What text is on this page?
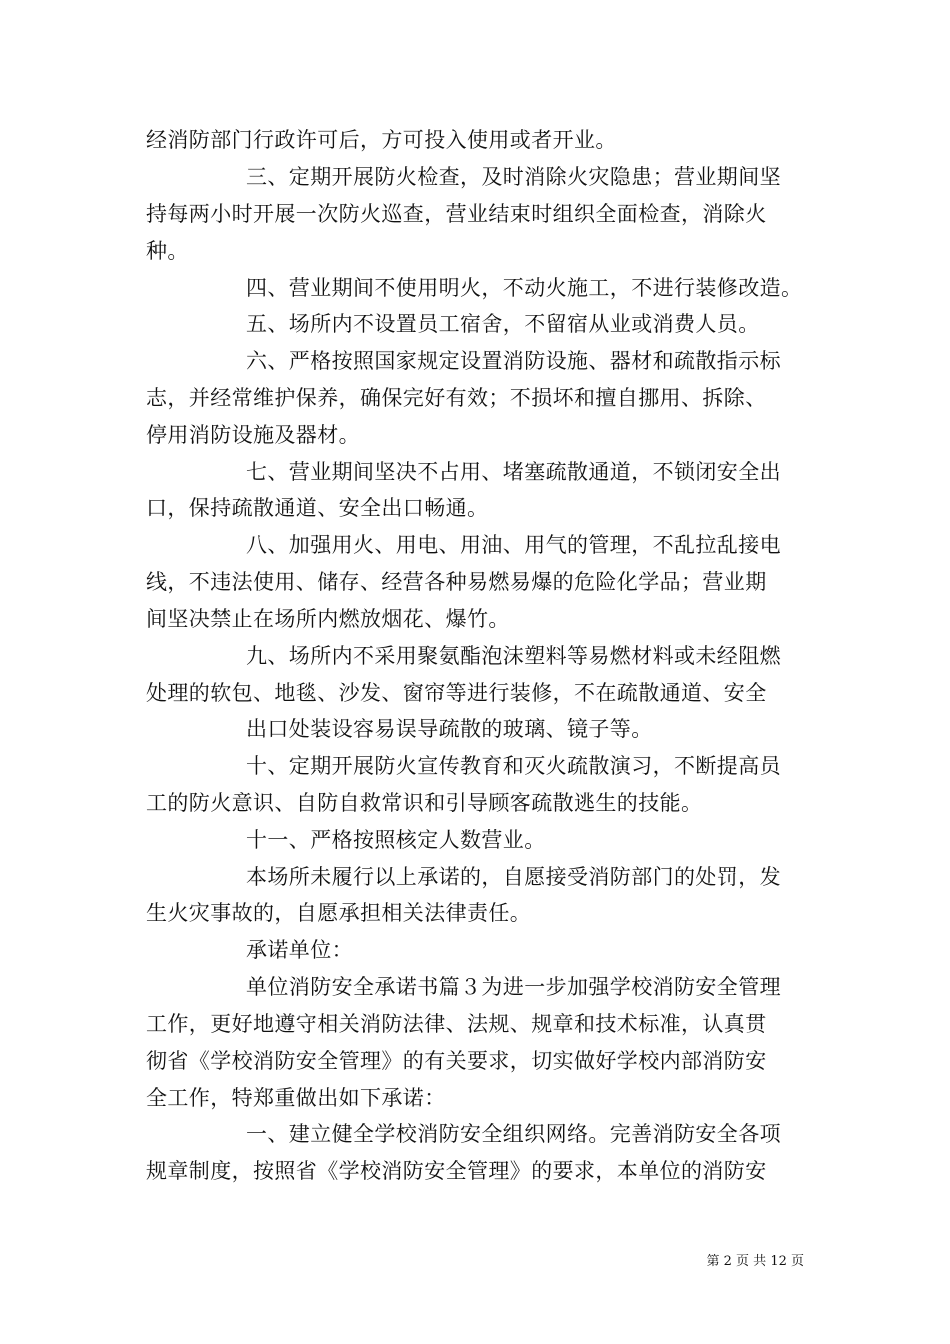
经消防部门行政许可后，方可投入使用或者开业。
三、定期开展防火检查，及时消除火灾隐患；营业期间坚
持每两小时开展一次防火巡查，营业结束时组织全面检查，消除火
种。
四、营业期间不使用明火，不动火施工，不进行装修改造。
五、场所内不设置员工宿舍，不留宿从业或消费人员。
六、严格按照国家规定设置消防设施、器材和疏散指示标
志，并经常维护保养，确保完好有效；不损坏和擅自挪用、拆除、
停用消防设施及器材。
七、营业期间坚决不占用、堵塞疏散通道，不锁闭安全出
口，保持疏散通道、安全出口畅通。
八、加强用火、用电、用油、用气的管理，不乱拉乱接电
线，不违法使用、储存、经营各种易燃易爆的危险化学品；营业期
间坚决禁止在场所内燃放烟花、爆竹。
九、场所内不采用聚氨酯泡沫塑料等易燃材料或未经阻燃
处理的软包、地毯、沙发、窗帘等进行装修，不在疏散通道、安全
出口处装设容易误导疏散的玻璃、镜子等。
十、定期开展防火宣传教育和灭火疏散演习，不断提高员
工的防火意识、自防自救常识和引导顾客疏散逃生的技能。
十一、严格按照核定人数营业。
本场所未履行以上承诺的，自愿接受消防部门的处罚，发
生火灾事故的，自愿承担相关法律责任。
承诺单位：
单位消防安全承诺书篇３为进一步加强学校消防安全管理
工作，更好地遵守相关消防法律、法规、规章和技术标准，认真贯
彻省《学校消防安全管理》的有关要求，切实做好学校内部消防安
全工作，特郑重做出如下承诺：
一、建立健全学校消防安全组织网络。完善消防安全各项
规章制度，按照省《学校消防安全管理》的要求，本单位的消防安
第 2 页 共 12 页
